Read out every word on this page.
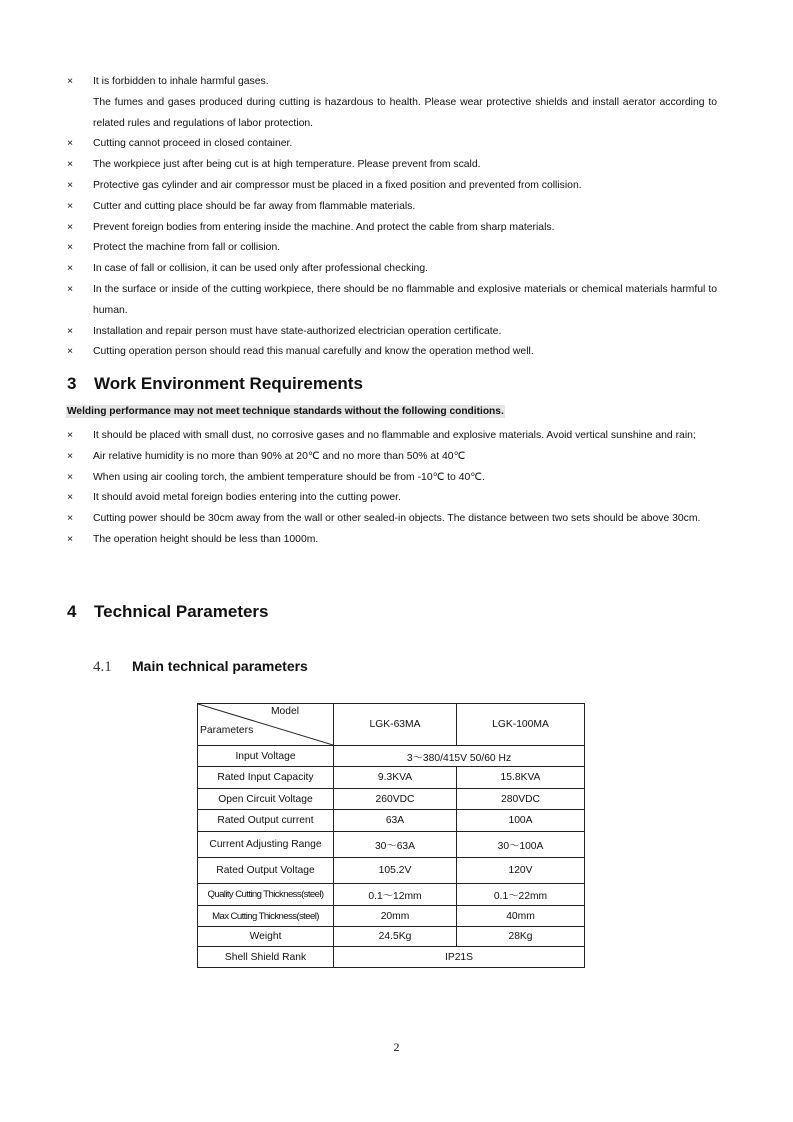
× It is forbidden to inhale harmful gases.
The fumes and gases produced during cutting is hazardous to health. Please wear protective shields and install aerator according to related rules and regulations of labor protection.
× Cutting cannot proceed in closed container.
× The workpiece just after being cut is at high temperature. Please prevent from scald.
× Protective gas cylinder and air compressor must be placed in a fixed position and prevented from collision.
× Cutter and cutting place should be far away from flammable materials.
× Prevent foreign bodies from entering inside the machine. And protect the cable from sharp materials.
× Protect the machine from fall or collision.
× In case of fall or collision, it can be used only after professional checking.
× In the surface or inside of the cutting workpiece, there should be no flammable and explosive materials or chemical materials harmful to human.
× Installation and repair person must have state-authorized electrician operation certificate.
× Cutting operation person should read this manual carefully and know the operation method well.
3 Work Environment Requirements
Welding performance may not meet technique standards without the following conditions.
× It should be placed with small dust, no corrosive gases and no flammable and explosive materials. Avoid vertical sunshine and rain;
× Air relative humidity is no more than 90% at 20℃ and no more than 50% at 40℃
× When using air cooling torch, the ambient temperature should be from -10℃ to 40℃.
× It should avoid metal foreign bodies entering into the cutting power.
× Cutting power should be 30cm away from the wall or other sealed-in objects. The distance between two sets should be above 30cm.
× The operation height should be less than 1000m.
4 Technical Parameters
4.1 Main technical parameters
Model
Parameters	LGK-63MA	LGK-100MA
Input Voltage	3～380/415V 50/60 Hz	
Rated Input Capacity	9.3KVA	15.8KVA
Open Circuit Voltage	260VDC	280VDC
Rated Output current	63A	100A
Current Adjusting Range	30～63A	30～100A
Rated Output Voltage	105.2V	120V
Quality Cutting Thickness(steel)	0.1～12mm	0.1～22mm
Max Cutting Thickness(steel)	20mm	40mm
Weight	24.5Kg	28Kg
Shell Shield Rank	IP21S	
2
